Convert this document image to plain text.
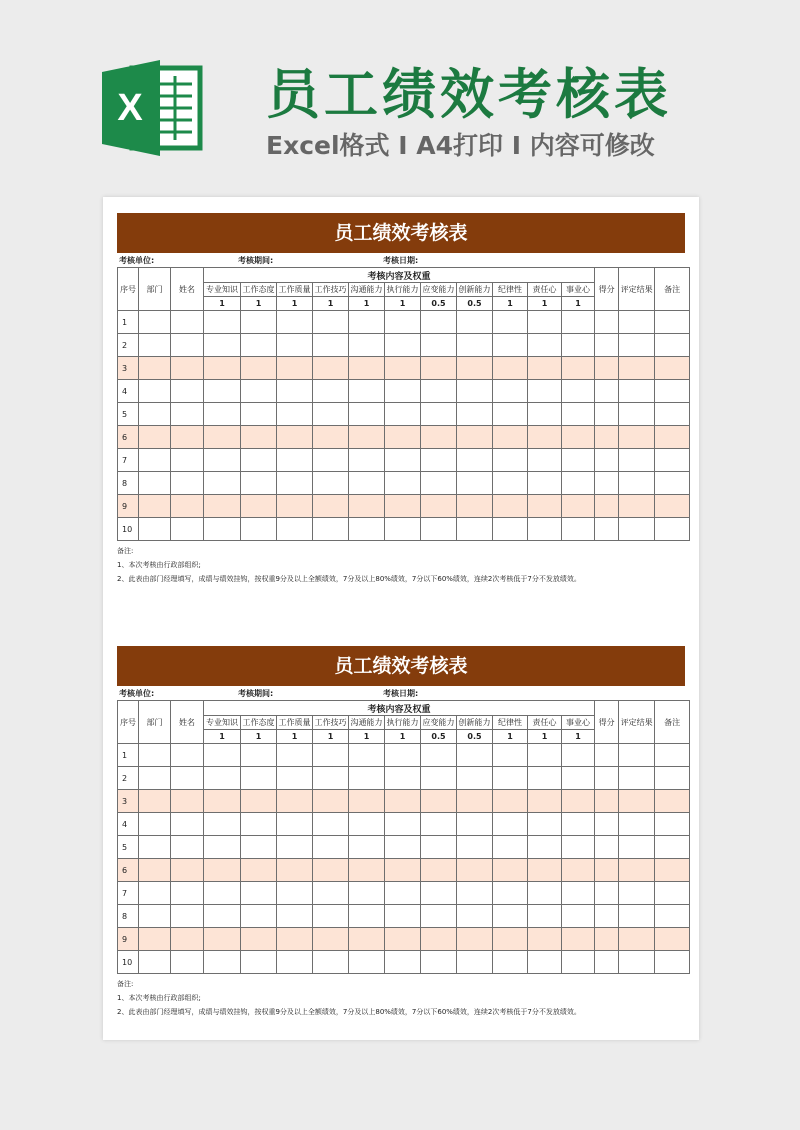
X 员工绩效考核表
Excel格式 I A4打印 I 内容可修改
员工绩效考核表
考核单位:	考核期间:	考核日期:
序号	部门	姓名	考核内容及权重											得分	评定结果	备注
			专业知识	工作态度	工作质量	工作技巧	沟通能力	执行能力	应变能力	创新能力	纪律性	责任心	事业心			
			1	1	1	1	1	1	0.5	0.5	1	1	1			
1																
2																
3																
4																
5																
6																
7																
8																
9																
10																
备注:
1、本次考核由行政部组织;
2、此表由部门经理填写，成绩与绩效挂钩，按权重9分及以上全额绩效，7分及以上80%绩效，7分以下60%绩效，连续2次考核低于7分不发放绩效。
员工绩效考核表
考核单位:	考核期间:	考核日期:
序号	部门	姓名	考核内容及权重											得分	评定结果	备注
			专业知识	工作态度	工作质量	工作技巧	沟通能力	执行能力	应变能力	创新能力	纪律性	责任心	事业心			
			1	1	1	1	1	1	0.5	0.5	1	1	1			
1																
2																
3																
4																
5																
6																
7																
8																
9																
10																
备注:
1、本次考核由行政部组织;
2、此表由部门经理填写，成绩与绩效挂钩，按权重9分及以上全额绩效，7分及以上80%绩效，7分以下60%绩效，连续2次考核低于7分不发放绩效。
